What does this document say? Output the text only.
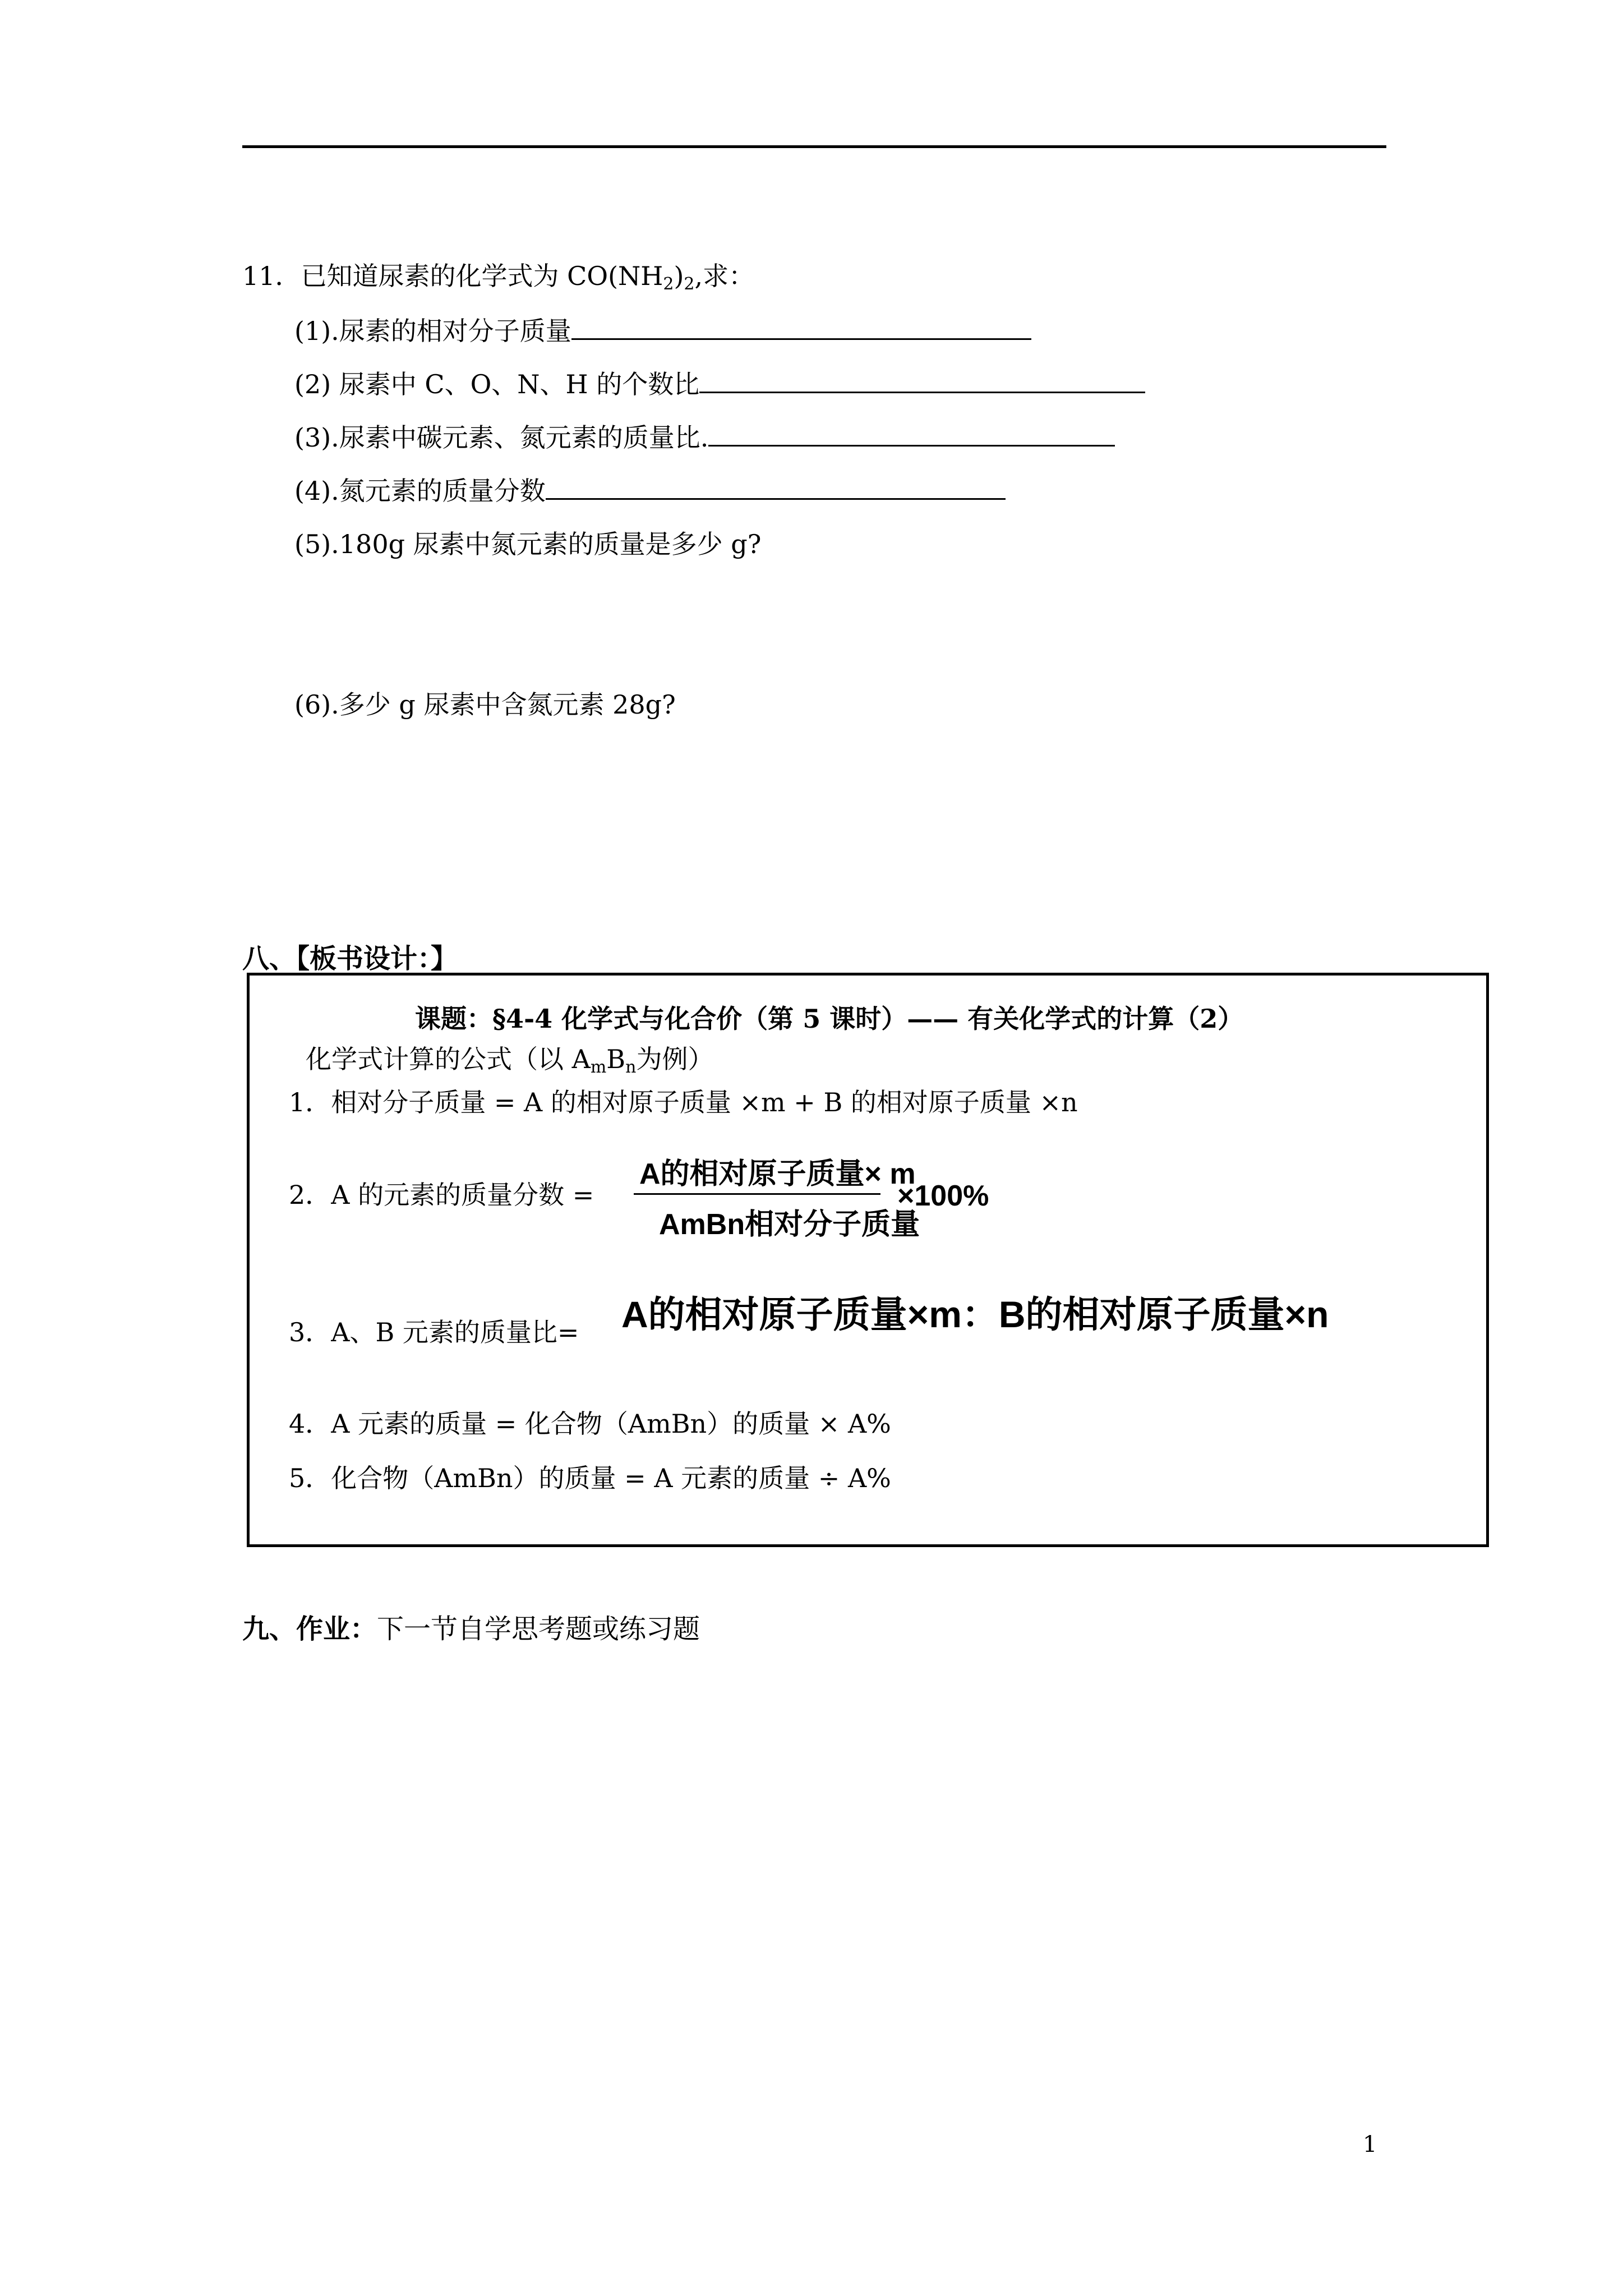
11．已知道尿素的化学式为 $CO(NH_2)_2$,求：
(1).尿素的相对分子质量
(2) 尿素中 C、O、N、H 的个数比
(3).尿素中碳元素、氮元素的质量比.
(4).氮元素的质量分数
(5).180g 尿素中氮元素的质量是多少 g?
(6).多少 g 尿素中含氮元素 28g?
八、【板书设计：】
课题：§4-4 化学式与化合价（第 5 课时）—— 有关化学式的计算（2）
化学式计算的公式（以 $A_mB_n$为例）
1．相对分子质量 = A 的相对原子质量 ×m + B 的相对原子质量 ×n
2．A 的元素的质量分数 =
A的相对原子质量× m
AmBn相对分子质量
×100%
3．A、B 元素的质量比= A的相对原子质量×m：B的相对原子质量×n
4．A 元素的质量 = 化合物（AmBn）的质量 × A%
5．化合物（AmBn）的质量 = A 元素的质量 ÷ A%
九、作业：下一节自学思考题或练习题
1
